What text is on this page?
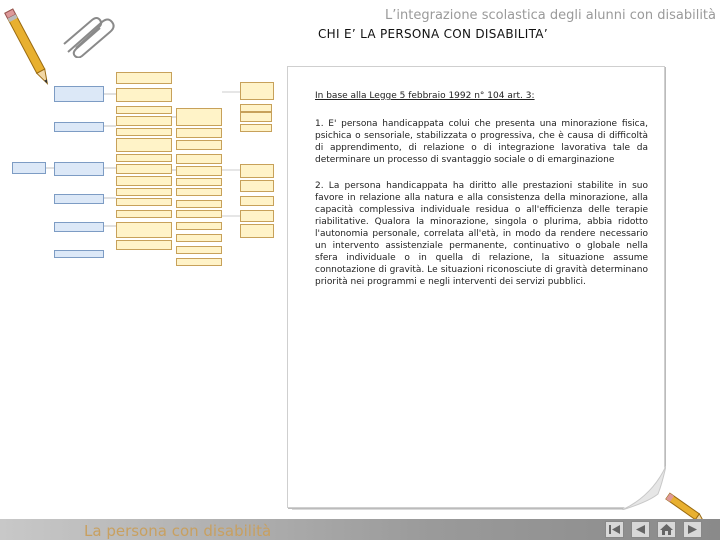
L’integrazione scolastica degli alunni con disabilità
CHI E’ LA PERSONA CON DISABILITA’

In base alla Legge 5 febbraio 1992 n° 104 art. 3:

1. E' persona handicappata colui che presenta una minorazione fisica, psichica o sensoriale, stabilizzata o progressiva, che è causa di difficoltà di apprendimento, di relazione o di integrazione lavorativa tale da determinare un processo di svantaggio sociale o di emarginazione

2. La persona handicappata ha diritto alle prestazioni stabilite in suo favore in relazione alla natura e alla consistenza della minorazione, alla capacità complessiva individuale residua o all'efficienza delle terapie riabilitative. Qualora la minorazione, singola o plurima, abbia ridotto l'autonomia personale, correlata all'età, in modo da rendere necessario un intervento assistenziale permanente, continuativo o globale nella sfera individuale o in quella di relazione, la situazione assume connotazione di gravità. Le situazioni riconosciute di gravità determinano priorità nei programmi e negli interventi dei servizi pubblici.

La persona con disabilità
